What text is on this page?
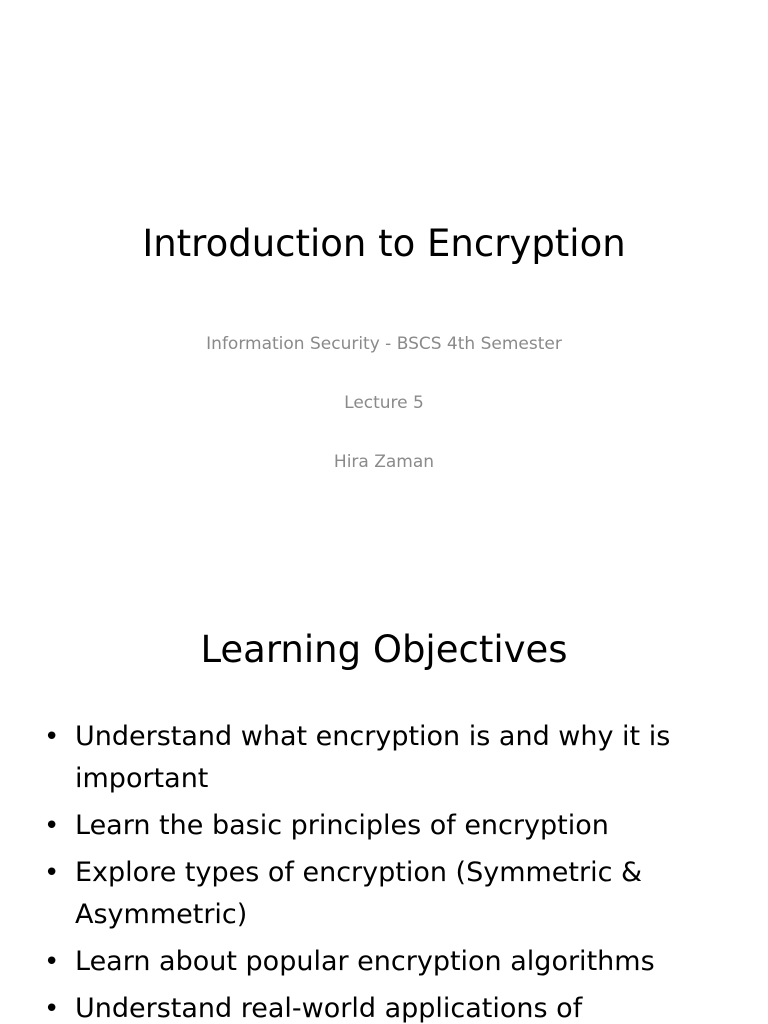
Introduction to Encryption
Information Security - BSCS 4th Semester
Lecture 5
Hira Zaman
Learning Objectives
• Understand what encryption is and why it is important
• Learn the basic principles of encryption
• Explore types of encryption (Symmetric & Asymmetric)
• Learn about popular encryption algorithms
• Understand real-world applications of
